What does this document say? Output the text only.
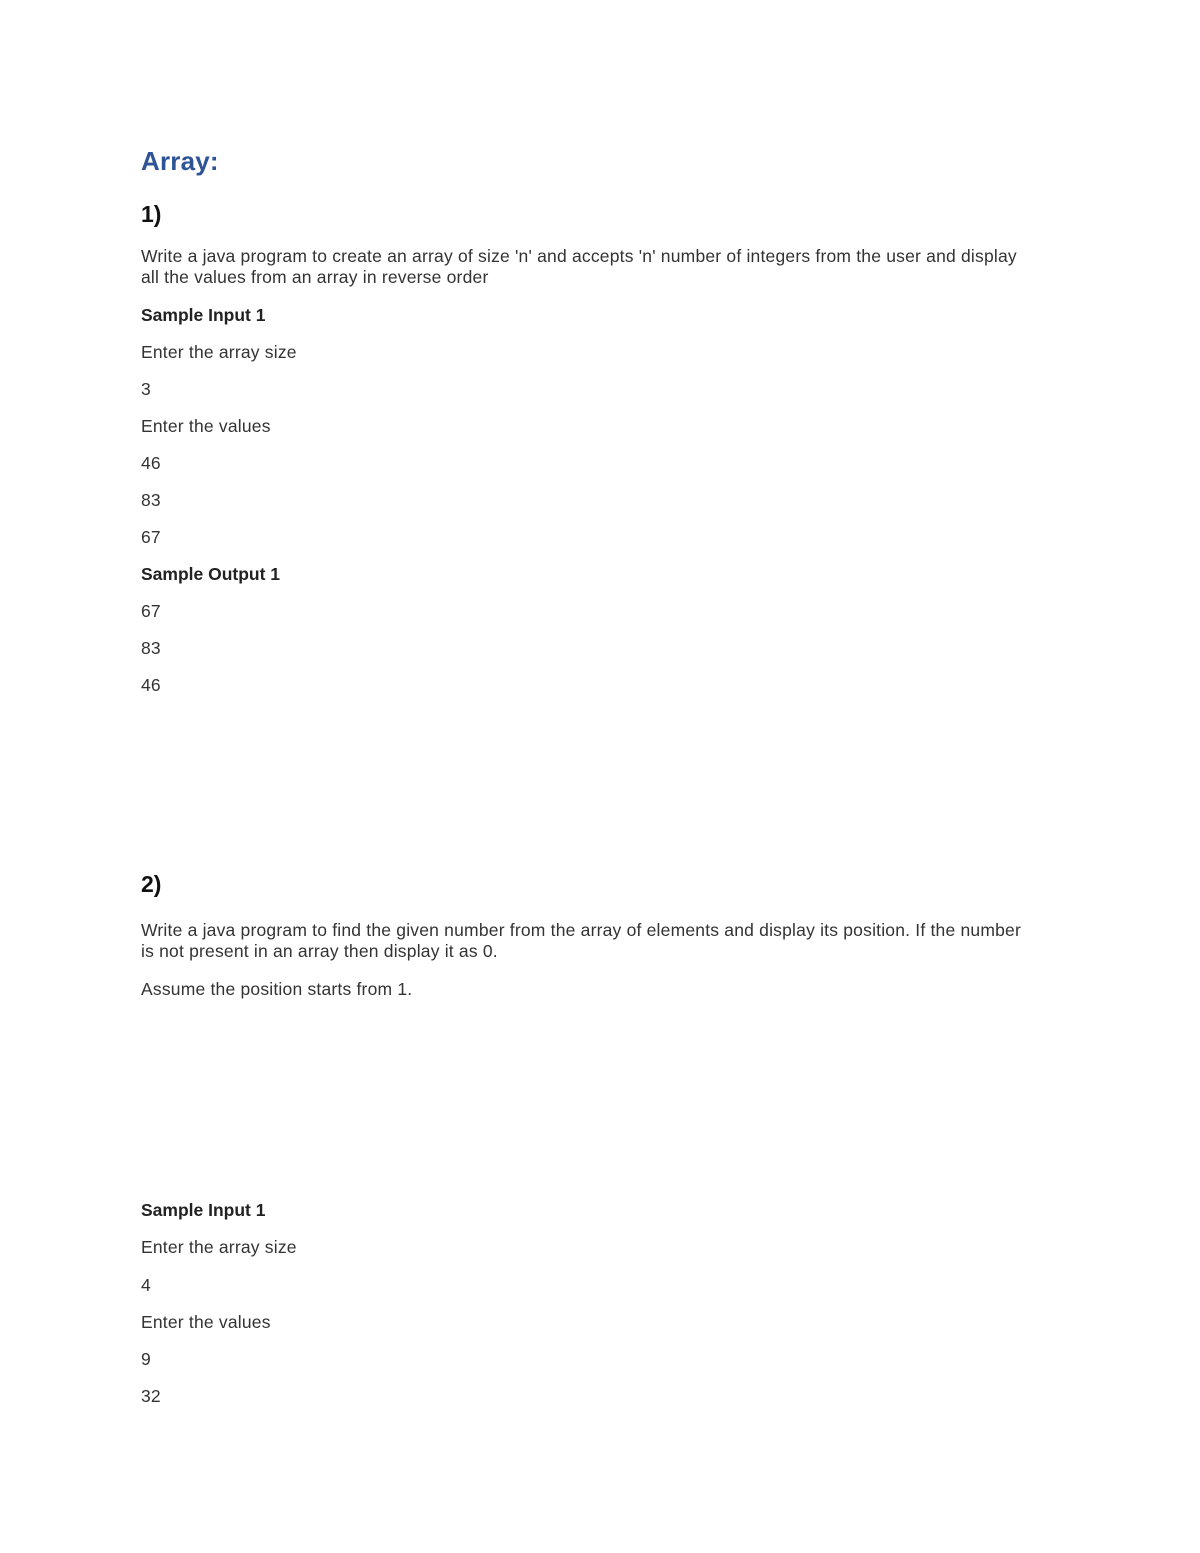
Array:
1)
Write a java program to create an array of size 'n' and accepts 'n' number of integers from the user and display
all the values from an array in reverse order
Sample Input 1
Enter the array size
3
Enter the values
46
83
67
Sample Output 1
67
83
46
2)
Write a java program to find the given number from the array of elements and display its position. If the number
is not present in an array then display it as 0.
Assume the position starts from 1.
Sample Input 1
Enter the array size
4
Enter the values
9
32
